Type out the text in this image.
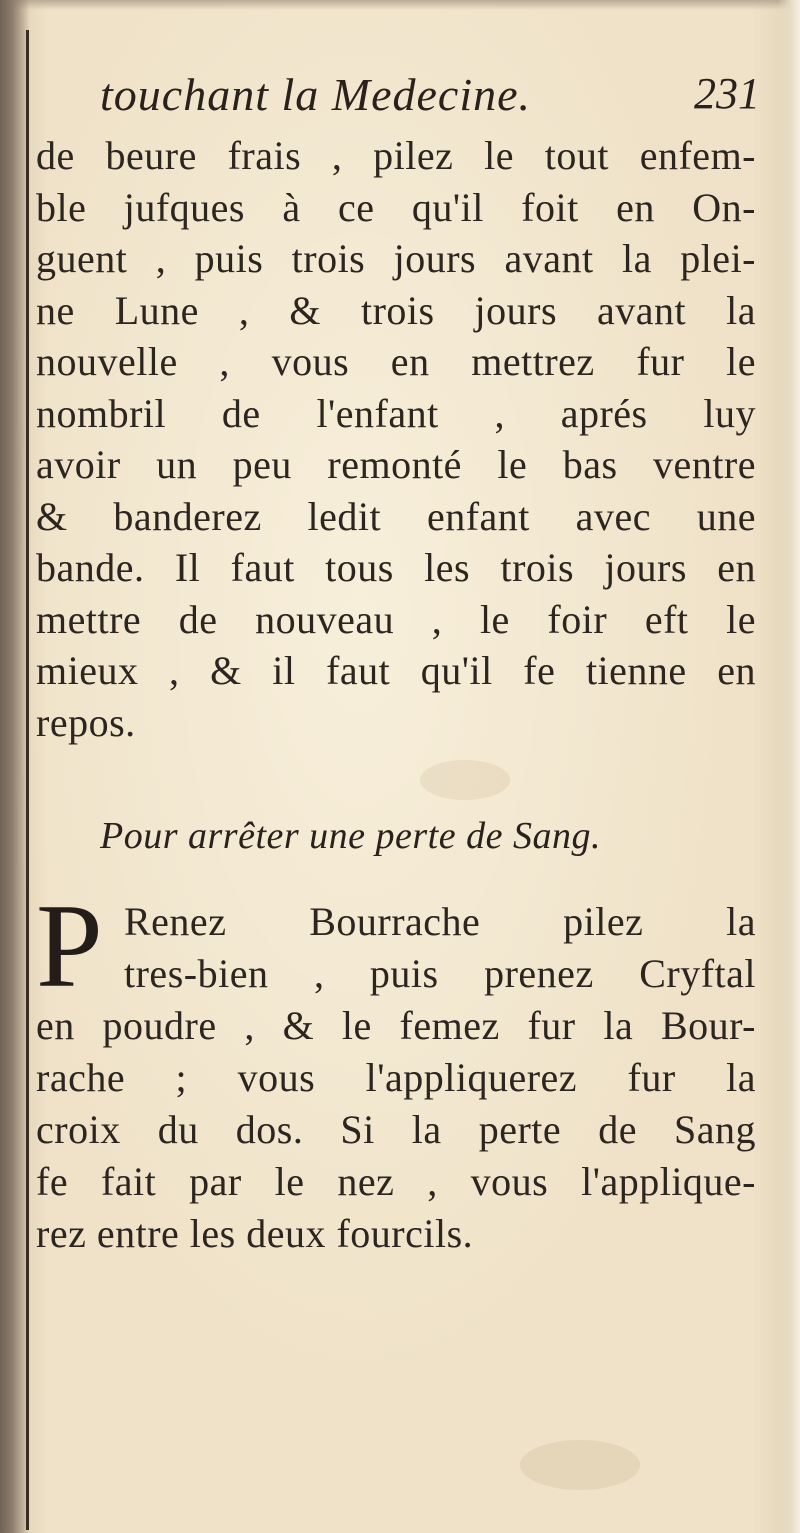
touchant la Medecine.	231
de beure frais , pilez le tout enfem-
ble jufques à ce qu'il foit en On-
guent , puis trois jours avant la plei-
ne Lune , & trois jours avant la
nouvelle , vous en mettrez fur le
nombril de l'enfant , aprés luy
avoir un peu remonté le bas ventre
& banderez ledit enfant avec une
bande. Il faut tous les trois jours en
mettre de nouveau , le foir eft le
mieux , & il faut qu'il fe tienne en
repos.
Pour arrêter une perte de Sang.
P Renez Bourrache pilez la
tres-bien , puis prenez Cryftal
en poudre , & le femez fur la Bour-
rache ; vous l'appliquerez fur la
croix du dos. Si la perte de Sang
fe fait par le nez , vous l'applique-
rez entre les deux fourcils.
